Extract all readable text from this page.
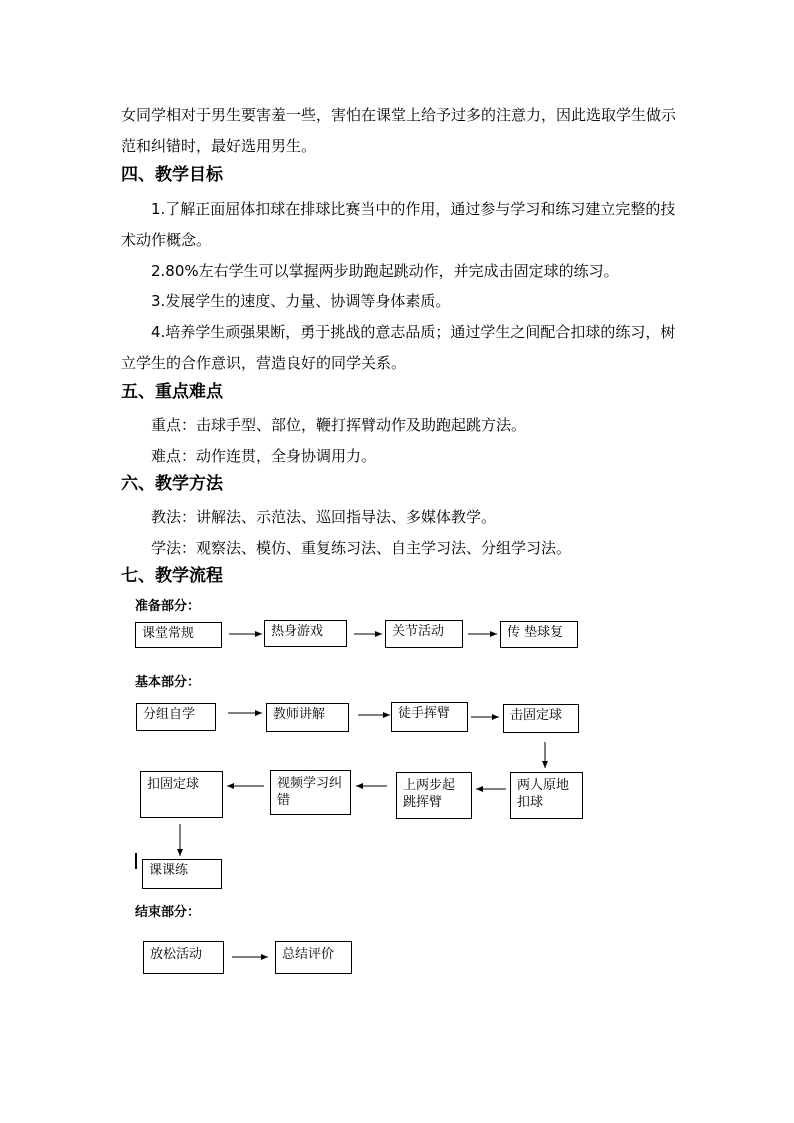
女同学相对于男生要害羞一些，害怕在课堂上给予过多的注意力，因此选取学生做示范和纠错时，最好选用男生。

四、教学目标

1.了解正面屈体扣球在排球比赛当中的作用，通过参与学习和练习建立完整的技术动作概念。

2.80%左右学生可以掌握两步助跑起跳动作，并完成击固定球的练习。

3.发展学生的速度、力量、协调等身体素质。

4.培养学生顽强果断，勇于挑战的意志品质；通过学生之间配合扣球的练习，树立学生的合作意识，营造良好的同学关系。

五、重点难点

重点：击球手型、部位，鞭打挥臂动作及助跑起跳方法。

难点：动作连贯，全身协调用力。

六、教学方法

教法：讲解法、示范法、巡回指导法、多媒体教学。

学法：观察法、模仿、重复练习法、自主学习法、分组学习法。

七、教学流程
准备部分：
课堂常规	热身游戏	关节活动	传 垫球复
基本部分：
分组自学	教师讲解	徒手挥臂	击固定球
两人原地扣球
上两步起跳挥臂
视频学习纠错
扣固定球
课课练
结束部分：
放松活动	总结评价
